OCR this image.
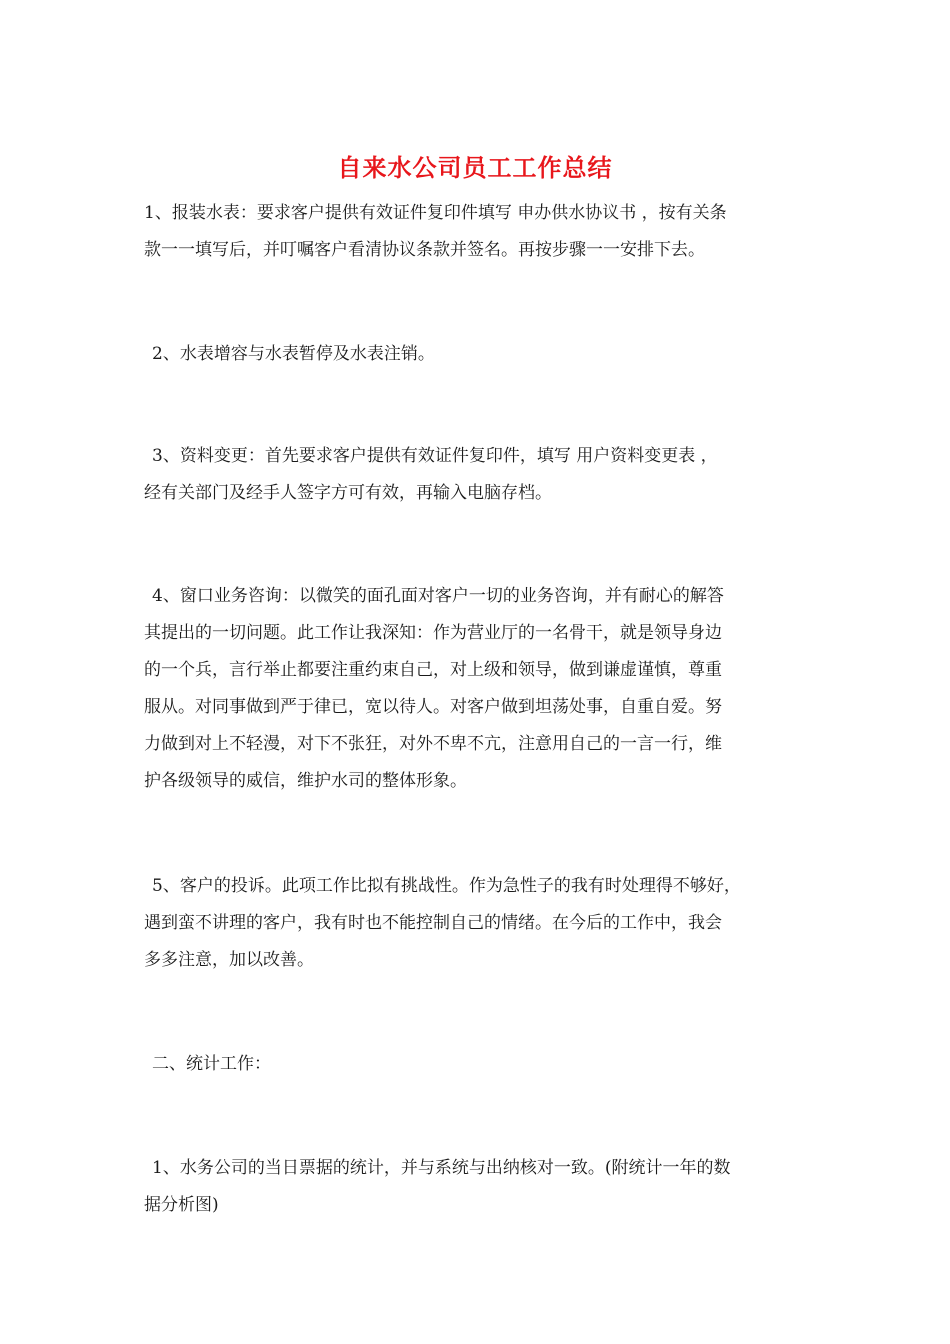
自来水公司员工工作总结
1、报装水表：要求客户提供有效证件复印件填写 申办供水协议书 ，按有关条
款一一填写后，并叮嘱客户看清协议条款并签名。再按步骤一一安排下去。
2、水表增容与水表暂停及水表注销。
3、资料变更：首先要求客户提供有效证件复印件，填写 用户资料变更表 ，
经有关部门及经手人签字方可有效，再输入电脑存档。
4、窗口业务咨询：以微笑的面孔面对客户一切的业务咨询，并有耐心的解答
其提出的一切问题。此工作让我深知：作为营业厅的一名骨干，就是领导身边
的一个兵，言行举止都要注重约束自己，对上级和领导，做到谦虚谨慎，尊重
服从。对同事做到严于律已，宽以待人。对客户做到坦荡处事，自重自爱。努
力做到对上不轻漫，对下不张狂，对外不卑不亢，注意用自己的一言一行，维
护各级领导的威信，维护水司的整体形象。
5、客户的投诉。此项工作比拟有挑战性。作为急性子的我有时处理得不够好，
遇到蛮不讲理的客户，我有时也不能控制自己的情绪。在今后的工作中，我会
多多注意，加以改善。
二、统计工作：
1、水务公司的当日票据的统计，并与系统与出纳核对一致。(附统计一年的数
据分析图)
